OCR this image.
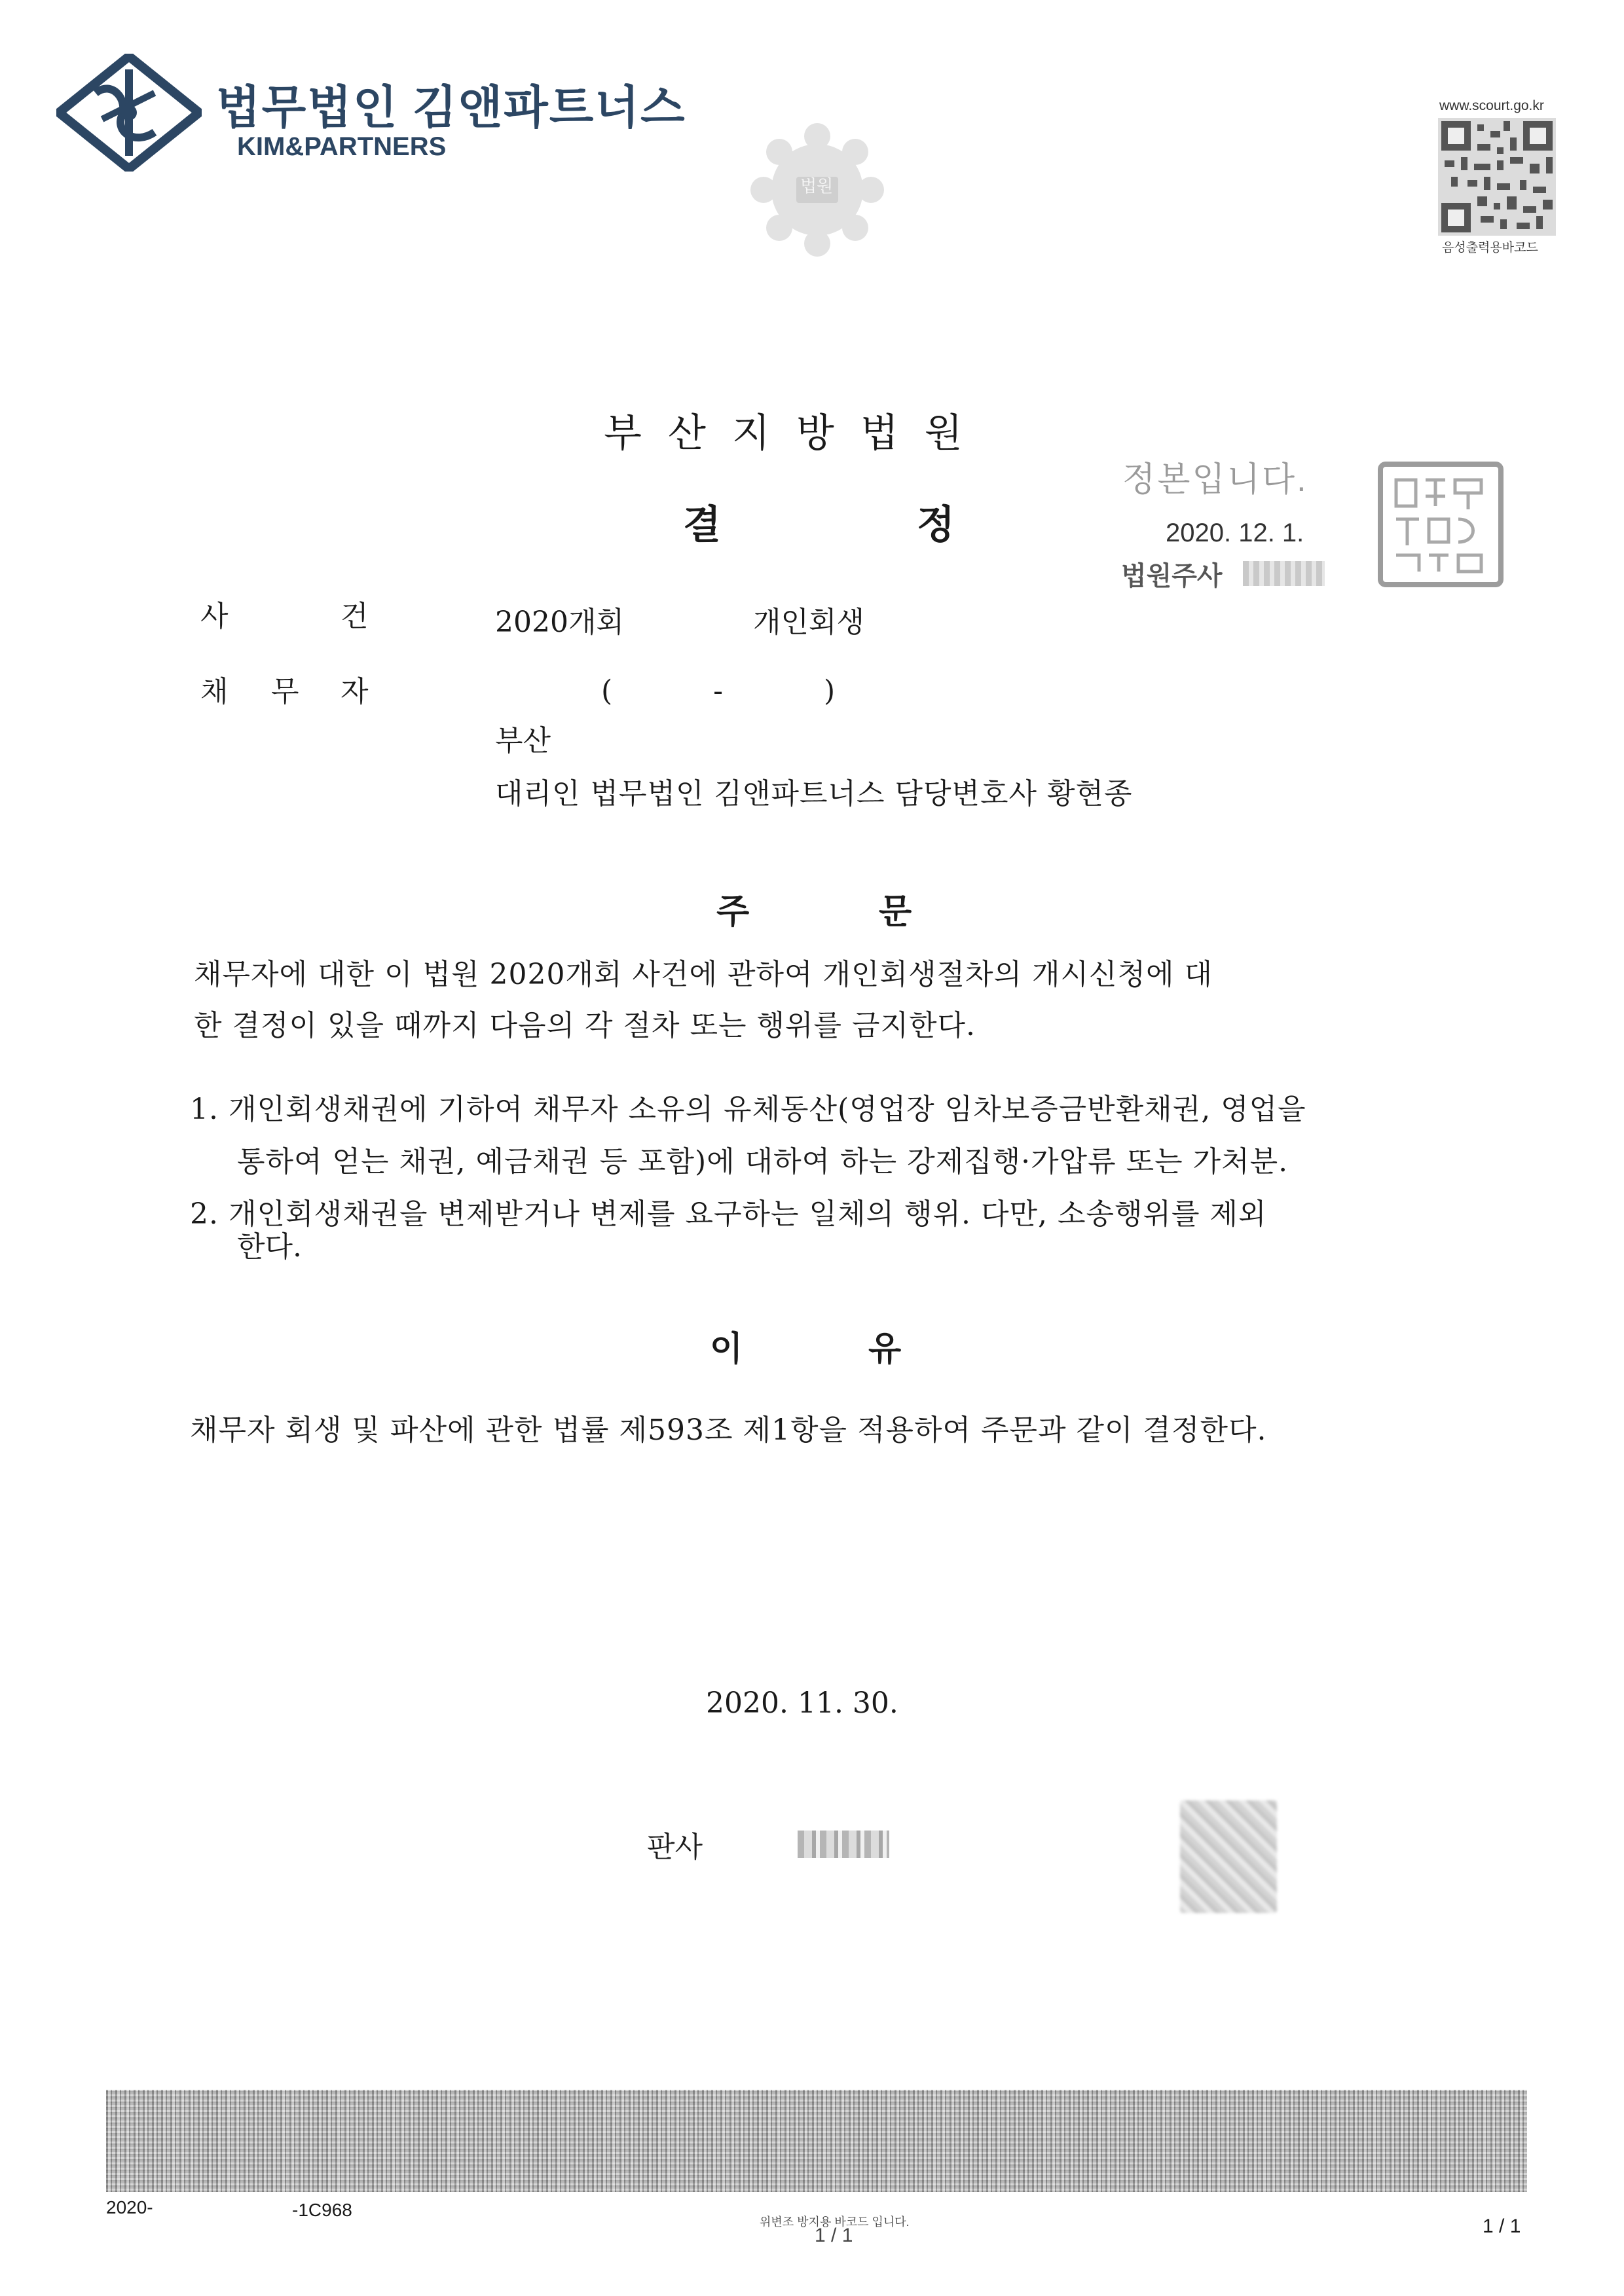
법무법인 김앤파트너스
KIM&PARTNERS
법원
www.scourt.go.kr
음성출력용바코드
부산지방법원
결	정
정본입니다.
2020. 12. 1.
법원주사
사	건	2020개회	개인회생
채 무 자	( - )
부산
대리인 법무법인 김앤파트너스 담당변호사 황현종
주	문
채무자에 대한 이 법원 2020개회 사건에 관하여 개인회생절차의 개시신청에 대
한 결정이 있을 때까지 다음의 각 절차 또는 행위를 금지한다.
1. 개인회생채권에 기하여 채무자 소유의 유체동산(영업장 임차보증금반환채권, 영업을
통하여 얻는 채권, 예금채권 등 포함)에 대하여 하는 강제집행·가압류 또는 가처분.
2. 개인회생채권을 변제받거나 변제를 요구하는 일체의 행위. 다만, 소송행위를 제외
한다.
이	유
채무자 회생 및 파산에 관한 법률 제593조 제1항을 적용하여 주문과 같이 결정한다.
2020. 11. 30.
판사
2020-	-1C968
위변조 방지용 바코드 입니다.
1 / 1	1 / 1
